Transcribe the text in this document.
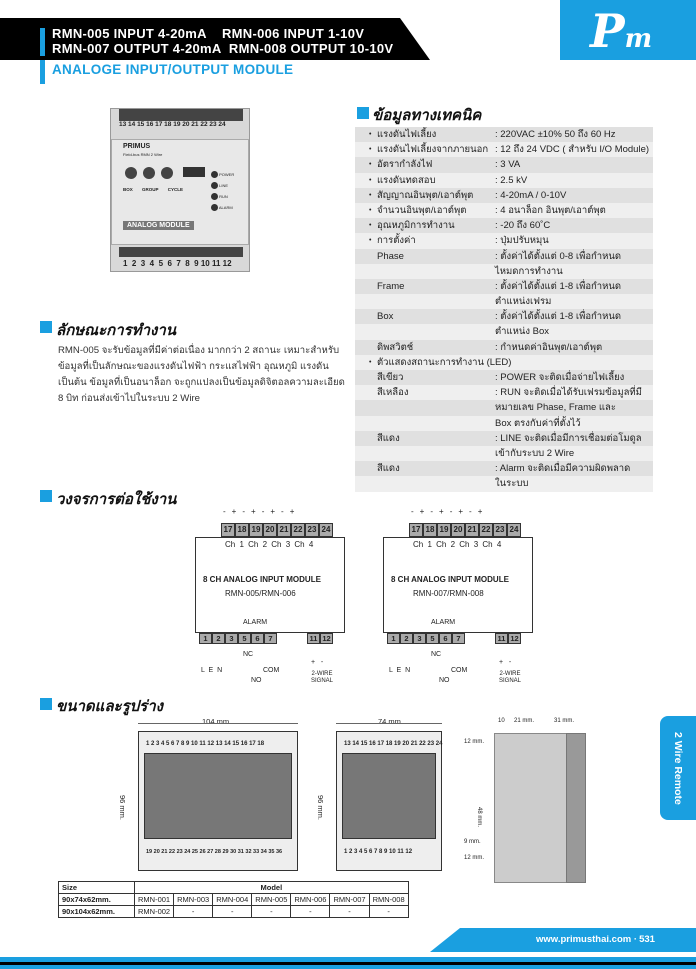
Pm
RMN-005 INPUT 4-20mA    RMN-006 INPUT 1-10V
RMN-007 OUTPUT 4-20mA  RMN-008 OUTPUT 10-10V
ANALOGE INPUT/OUTPUT MODULE
13 14 15 16 17 18 19 20 21 22 23 24
PRIMUS
Field-bus RMN 2 Wire
BOX GROUP CYCLE
POWER
LINE
RUN
ALARM
ANALOG MODULE
1  2  3  4  5  6  7  8  9 10 11 12
ข้อมูลทางเทคนิค
• แรงดันไฟเลี้ยง	: 220VAC ±10% 50 ถึง 60 Hz
• แรงดันไฟเลี้ยงจากภายนอก : 12 ถึง 24 VDC ( สำหรับ I/O Module)
• อัตรากำลังไฟ	: 3 VA
• แรงดันทดสอบ	: 2.5 kV
• สัญญาณอินพุต/เอาต์พุต : 4-20mA / 0-10V
• จำนวนอินพุต/เอาต์พุต	: 4 อนาล็อก อินพุต/เอาต์พุต
• อุณหภูมิการทำงาน	: -20 ถึง 60˚C
• การตั้งค่า	: ปุ่มปรับหมุน
Phase	: ตั้งค่าได้ตั้งแต่ 0-8 เพื่อกำหนด
ไหมดการทำงาน
Frame	: ตั้งค่าได้ตั้งแต่ 1-8 เพื่อกำหนด
ตำแหน่งเฟรม
Box	: ตั้งค่าได้ตั้งแต่ 1-8 เพื่อกำหนด
ตำแหน่ง Box
ดิพสวิตช์	: กำหนดค่าอินพุต/เอาต์พุต
• ตัวแสดงสถานะการทำงาน (LED)
สีเขียว	: POWER จะติดเมื่อจ่ายไฟเลี้ยง
สีเหลือง	: RUN จะติดเมื่อได้รับเฟรมข้อมูลที่มี
หมายเลข Phase, Frame และ
Box ตรงกับค่าที่ตั้งไว้
สีแดง	: LINE จะติดเมื่อมีการเชื่อมต่อโมดูล
เข้ากับระบบ 2 Wire
สีแดง	: Alarm จะติดเมื่อมีความผิดพลาด
ในระบบ
ลักษณะการทำงาน
RMN-005 จะรับข้อมูลที่มีค่าต่อเนื่อง มากกว่า 2 สถานะ เหมาะสำหรับข้อมูลที่เป็นลักษณะของแรงดันไฟฟ้า กระแสไฟฟ้า อุณหภูมิ แรงดันเป็นต้น ข้อมูลที่เป็นอนาล็อก จะถูกแปลงเป็นข้อมูลดิจิตอลความละเอียด 8 บิท ก่อนส่งเข้าไปในระบบ 2 Wire
วงจรการต่อใช้งาน
-+-+-+-+
17 18 19 20 21 22 23 24
Ch 1 Ch 2 Ch 3 Ch 4
8 CH ANALOG INPUT MODULE
RMN-005/RMN-006
ALARM
1	2	3	5	6	7	11 12
NC
COM
NO
L  E  N
+   -
2-WIRE SIGNAL
-+-+-+-+
17 18 19 20 21 22 23 24
Ch 1 Ch 2 Ch 3 Ch 4
8 CH ANALOG INPUT MODULE
RMN-007/RMN-008
ALARM
1	2	3	5	6	7	11 12
NC
COM
NO
L  E  N
+   -
2-WIRE SIGNAL
ขนาดและรูปร่าง
104 mm.
1 2 3 4 5 6 7 8 9 10 11 12 13 14 15 16 17 18
19 20 21 22 23 24 25 26 27 28 29 30 31 32 33 34 35 36
96 mm.
74 mm.
13 14 15 16 17 18 19 20 21 22 23 24
1 2 3 4 5 6 7 8 9 10 11 12
96 mm.
10 21 mm.	31 mm.
12 mm.
48 mm.
9 mm.
12 mm.
Size	Model						
90x74x62mm.	RMN-001	RMN-003	RMN-004	RMN-005	RMN-006	RMN-007	RMN-008
90x104x62mm.	RMN-002	-	-	-	-	-	-
2 Wire Remote
www.primusthai.com ∙ 531
